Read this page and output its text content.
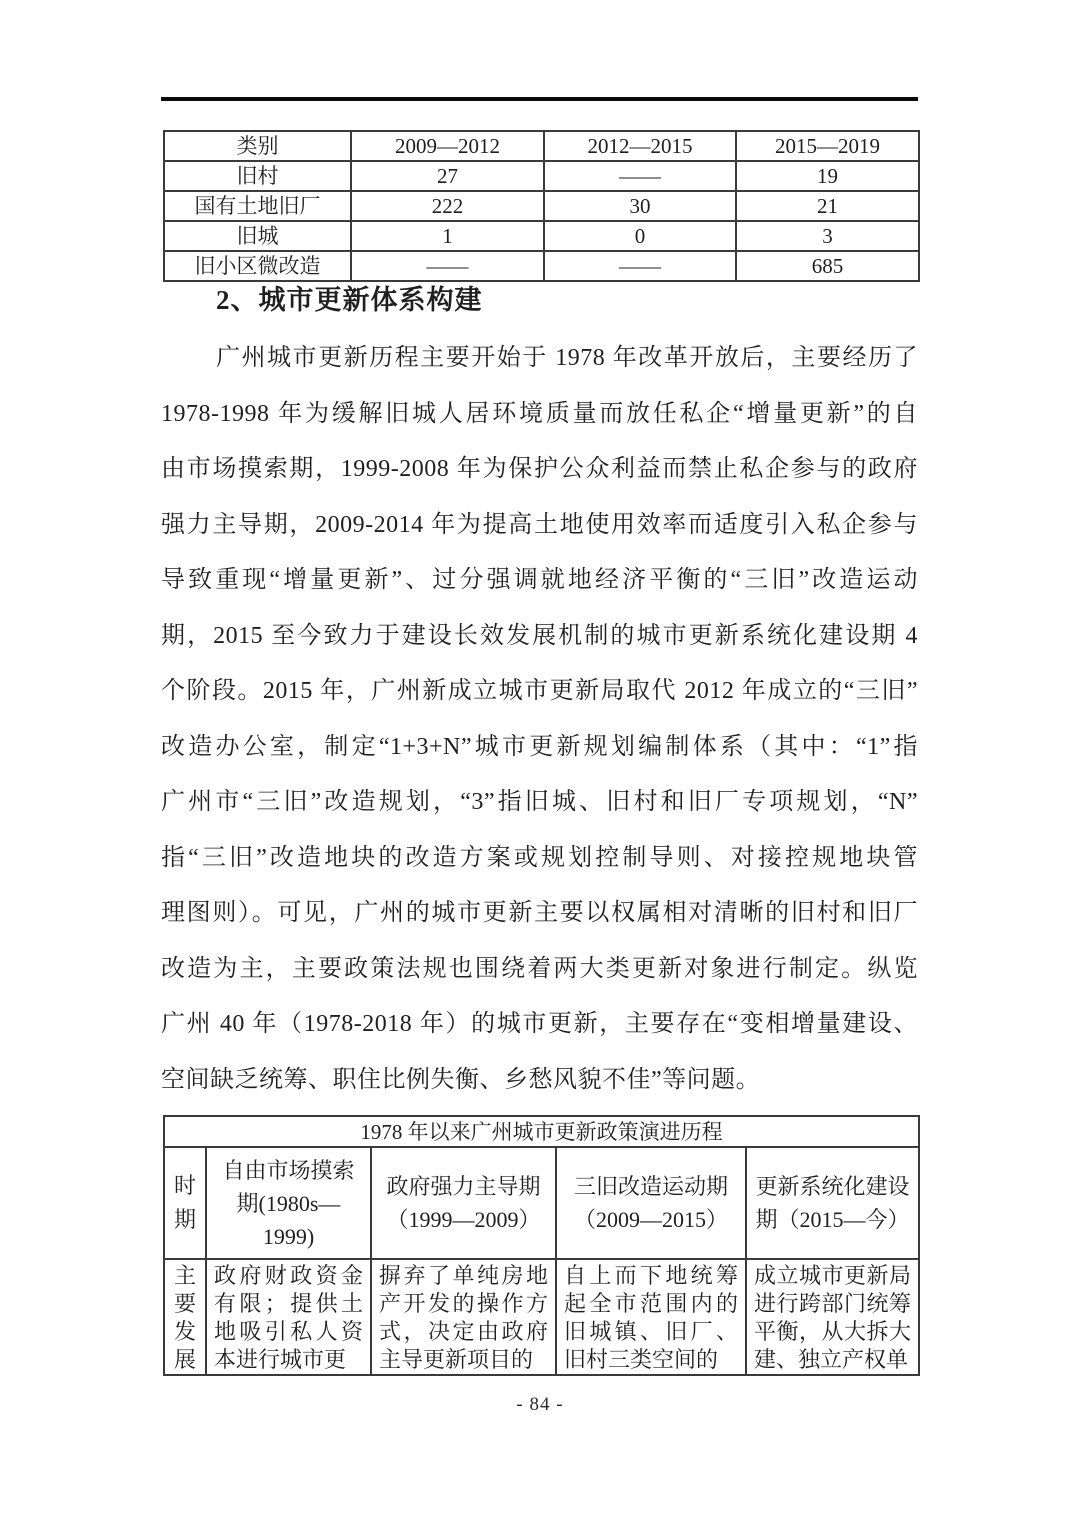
类别	2009—2012	2012—2015	2015—2019
旧村	27	——	19
国有土地旧厂	222	30	21
旧城	1	0	3
旧小区微改造	——	——	685
2、城市更新体系构建
广州城市更新历程主要开始于 1978 年改革开放后，主要经历了
1978-1998 年为缓解旧城人居环境质量而放任私企“增量更新”的自
由市场摸索期，1999-2008 年为保护公众利益而禁止私企参与的政府
强力主导期，2009-2014 年为提高土地使用效率而适度引入私企参与
导致重现“增量更新”、过分强调就地经济平衡的“三旧”改造运动
期，2015 至今致力于建设长效发展机制的城市更新系统化建设期 4
个阶段。2015 年，广州新成立城市更新局取代 2012 年成立的“三旧”
改造办公室，制定“1+3+N”城市更新规划编制体系（其中：“1”指
广州市“三旧”改造规划，“3”指旧城、旧村和旧厂专项规划，“N”
指“三旧”改造地块的改造方案或规划控制导则、对接控规地块管
理图则）。可见，广州的城市更新主要以权属相对清晰的旧村和旧厂
改造为主，主要政策法规也围绕着两大类更新对象进行制定。纵览
广州 40 年（1978-2018 年）的城市更新，主要存在“变相增量建设、
空间缺乏统筹、职住比例失衡、乡愁风貌不佳”等问题。
1978 年以来广州城市更新政策演进历程				
时期	自由市场摸索期(1980s—1999)	政府强力主导期（1999—2009）	三旧改造运动期（2009—2015）	更新系统化建设期（2015—今）

主要发展	政府财政资金有限；提供土地吸引私人资本进行城市更	摒弃了单纯房地产开发的操作方式，决定由政府主导更新项目的	自上而下地统筹起全市范围内的旧城镇、旧厂、旧村三类空间的	成立城市更新局进行跨部门统筹平衡，从大拆大建、独立产权单
- 84 -
